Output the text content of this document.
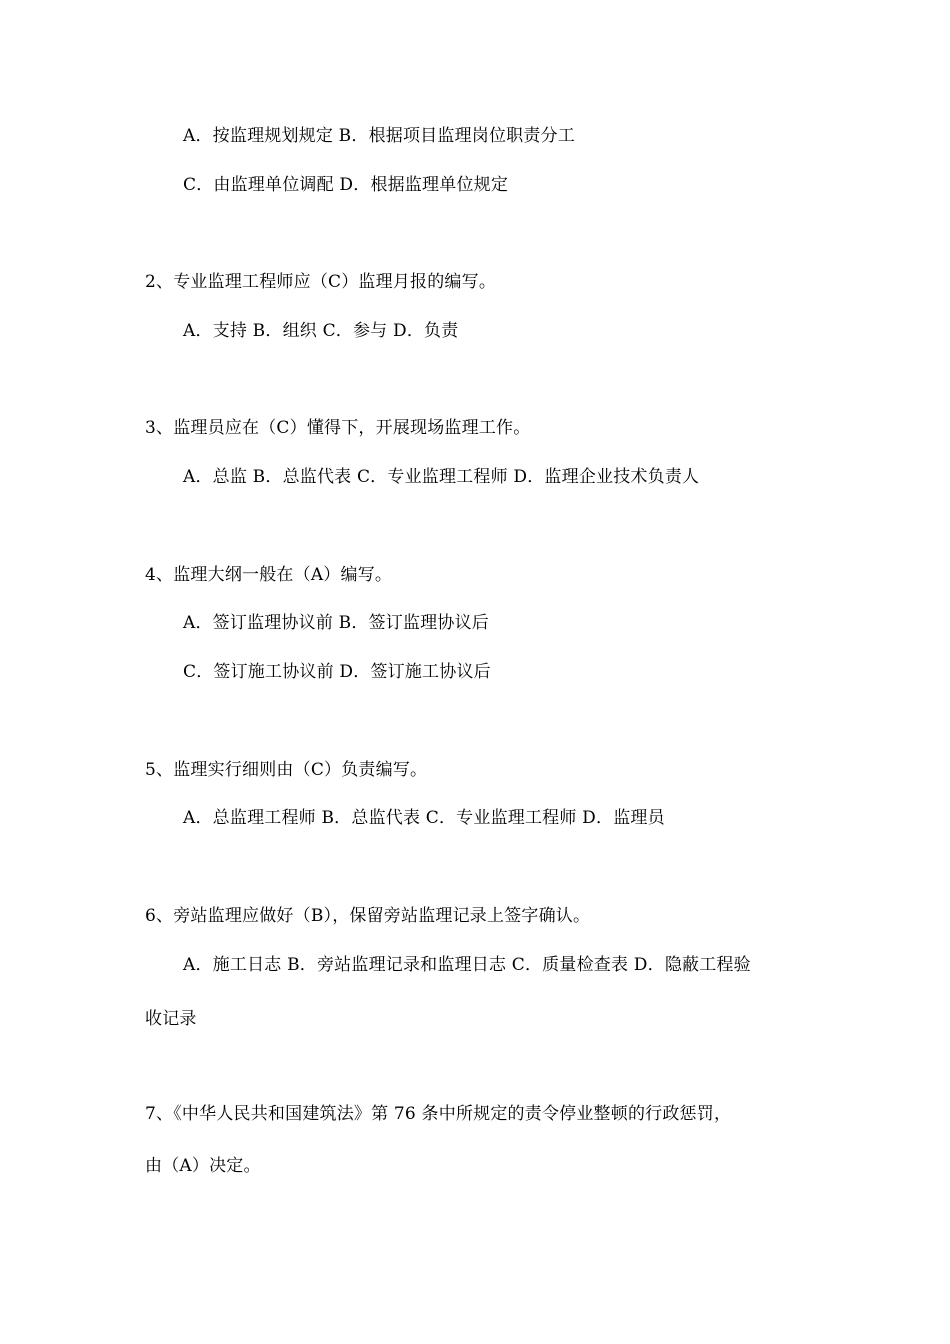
A．按监理规划规定 B．根据项目监理岗位职责分工
C．由监理单位调配 D．根据监理单位规定
2、专业监理工程师应（C）监理月报的编写。
A．支持 B．组织 C．参与 D．负责
3、监理员应在（C）懂得下，开展现场监理工作。
A．总监 B．总监代表 C．专业监理工程师 D．监理企业技术负责人
4、监理大纲一般在（A）编写。
A．签订监理协议前 B．签订监理协议后
C．签订施工协议前 D．签订施工协议后
5、监理实行细则由（C）负责编写。
A．总监理工程师 B．总监代表 C．专业监理工程师 D．监理员
6、旁站监理应做好（B），保留旁站监理记录上签字确认。
A．施工日志 B．旁站监理记录和监理日志 C．质量检查表 D．隐蔽工程验
收记录
7、《中华人民共和国建筑法》第 76 条中所规定的责令停业整顿的行政惩罚，
由（A）决定。
